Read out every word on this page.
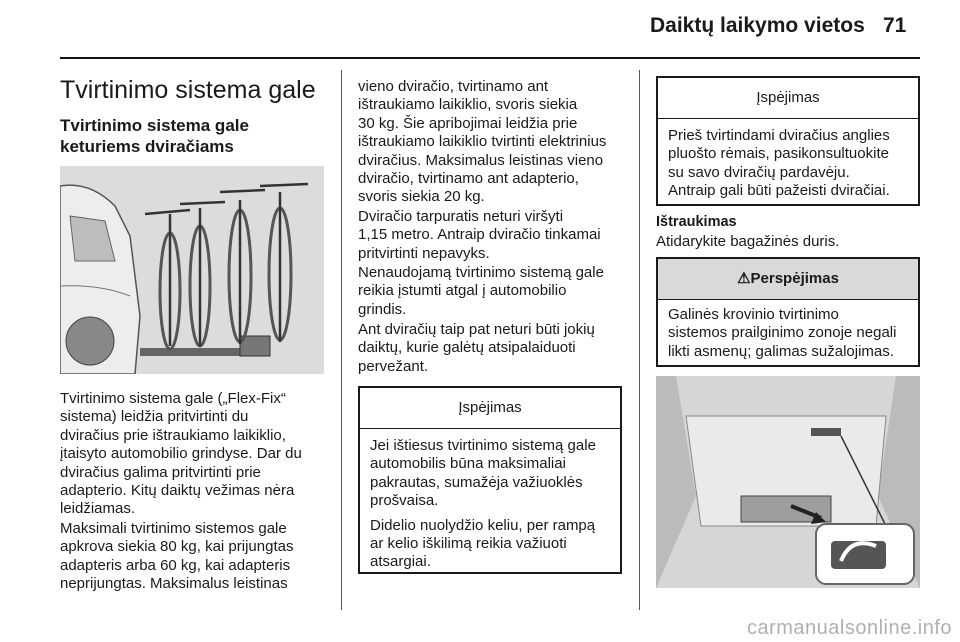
Daiktų laikymo vietos 71
Tvirtinimo sistema gale
Tvirtinimo sistema gale
keturiems dviračiams
Tvirtinimo sistema gale („Flex-Fix“
sistema) leidžia pritvirtinti du
dviračius prie ištraukiamo laikiklio,
įtaisyto automobilio grindyse. Dar du
dviračius galima pritvirtinti prie
adapterio. Kitų daiktų vežimas nėra
leidžiamas.
Maksimali tvirtinimo sistemos gale
apkrova siekia 80 kg, kai prijungtas
adapteris arba 60 kg, kai adapteris
neprijungtas. Maksimalus leistinas
vieno dviračio, tvirtinamo ant
ištraukiamo laikiklio, svoris siekia
30 kg. Šie apribojimai leidžia prie
ištraukiamo laikiklio tvirtinti elektrinius
dviračius. Maksimalus leistinas vieno
dviračio, tvirtinamo ant adapterio,
svoris siekia 20 kg.
Dviračio tarpuratis neturi viršyti
1,15 metro. Antraip dviračio tinkamai
pritvirtinti nepavyks.
Nenaudojamą tvirtinimo sistemą gale
reikia įstumti atgal į automobilio
grindis.
Ant dviračių taip pat neturi būti jokių
daiktų, kurie galėtų atsipalaiduoti
pervežant.
Įspėjimas
Jei ištiesus tvirtinimo sistemą gale
automobilis būna maksimaliai
pakrautas, sumažėja važiuoklės
prošvaisa.
Didelio nuolydžio keliu, per rampą
ar kelio iškilimą reikia važiuoti
atsargiai.
Įspėjimas
Prieš tvirtindami dviračius anglies
pluošto rėmais, pasikonsultuokite
su savo dviračių pardavėju.
Antraip gali būti pažeisti dviračiai.
Ištraukimas
Atidarykite bagažinės duris.
⚠Perspėjimas
Galinės krovinio tvirtinimo
sistemos prailginimo zonoje negali
likti asmenų; galimas sužalojimas.
carmanualsonline.info
